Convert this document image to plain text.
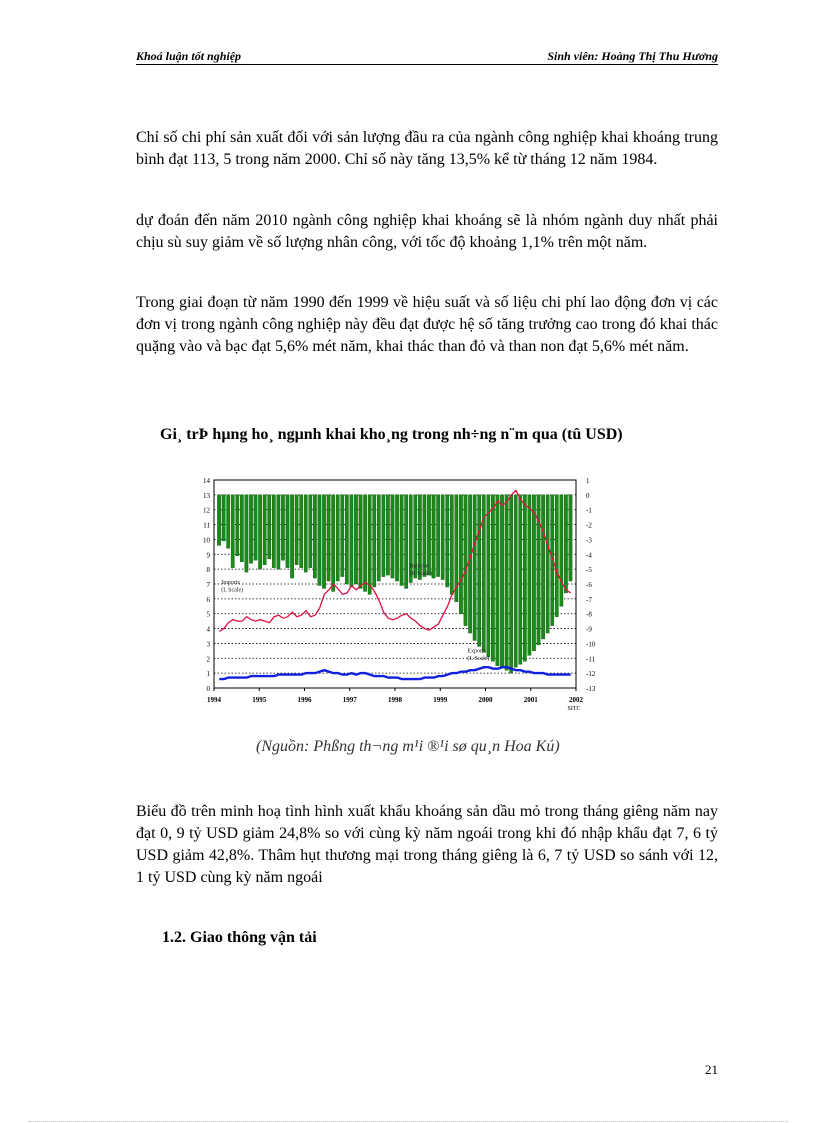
Khoá luận tốt nghiệp	Sinh viên: Hoàng Thị Thu Hương

Chỉ số chi phí sản xuất đối với sản lượng đầu ra của ngành công nghiệp khai khoáng trung bình đạt 113, 5 trong năm 2000. Chỉ số này tăng 13,5% kể từ tháng 12 năm 1984.

dự đoán đến năm 2010 ngành công nghiệp khai khoáng sẽ là nhóm ngành duy nhất phải chịu sù suy giảm về số lượng nhân công, với tốc độ khoảng 1,1% trên một năm.

Trong giai đoạn từ năm 1990 đến 1999 về hiệu suất và số liệu chi phí lao động đơn vị các đơn vị trong ngành công nghiệp này đều đạt được hệ số tăng trưởng cao trong đó khai thác quặng vào và bạc đạt 5,6% mét năm, khai thác than đỏ và than non đạt 5,6% mét năm.

Gi¸ trÞ hµng ho¸ ngµnh khai kho¸ng trong nh÷ng n¨m qua (tû USD)

14
13
12
11
10
9
8
7
6
5
4
3
2
1
0
1
0
-1
-2
-3
-4
-5
-6
-7
-8
-9
-10
-11
-12
-13
1994	1995	1996	1997	1998	1999	2000	2001	2002
SITC
Imports
(L Scale)
Balance
(R Scale)
Exports
(L Scale)

(Nguồn: Phßng th¬ng m¹i ®¹i sø qu¸n Hoa Kú)

Biểu đồ trên minh hoạ tình hình xuất khẩu khoáng sản dầu mỏ trong tháng giêng năm nay đạt 0, 9 tỷ USD giảm 24,8% so với cùng kỳ năm ngoái trong khi đó nhập khẩu đạt 7, 6 tỷ USD giảm 42,8%. Thâm hụt thương mại trong tháng giêng là 6, 7 tỷ USD so sánh với 12, 1 tỷ USD cùng kỳ năm ngoái

1.2. Giao thông vận tải

21
